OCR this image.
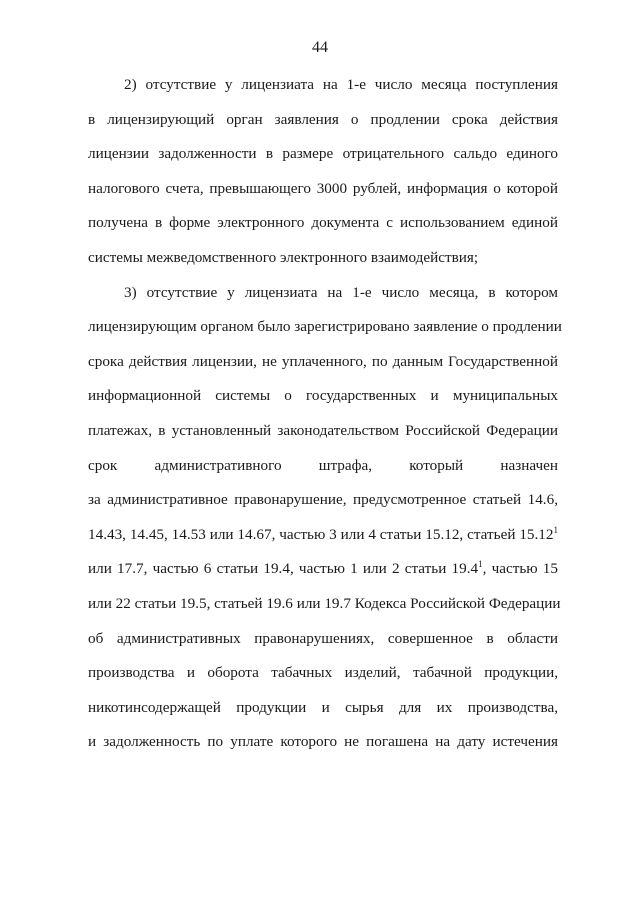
44
2) отсутствие у лицензиата на 1-е число месяца поступления
в лицензирующий орган заявления о продлении срока действия
лицензии задолженности в размере отрицательного сальдо единого
налогового счета, превышающего 3000 рублей, информация о которой
получена в форме электронного документа с использованием единой
системы межведомственного электронного взаимодействия;
3) отсутствие у лицензиата на 1-е число месяца, в котором
лицензирующим органом было зарегистрировано заявление о продлении
срока действия лицензии, не уплаченного, по данным Государственной
информационной системы о государственных и муниципальных
платежах, в установленный законодательством Российской Федерации
срок административного штрафа, который назначен
за административное правонарушение, предусмотренное статьей 14.6,
14.43, 14.45, 14.53 или 14.67, частью 3 или 4 статьи 15.12, статьей 15.12$^1$
или 17.7, частью 6 статьи 19.4, частью 1 или 2 статьи 19.4$^1$, частью 15
или 22 статьи 19.5, статьей 19.6 или 19.7 Кодекса Российской Федерации
об административных правонарушениях, совершенное в области
производства и оборота табачных изделий, табачной продукции,
никотинсодержащей продукции и сырья для их производства,
и задолженность по уплате которого не погашена на дату истечения
